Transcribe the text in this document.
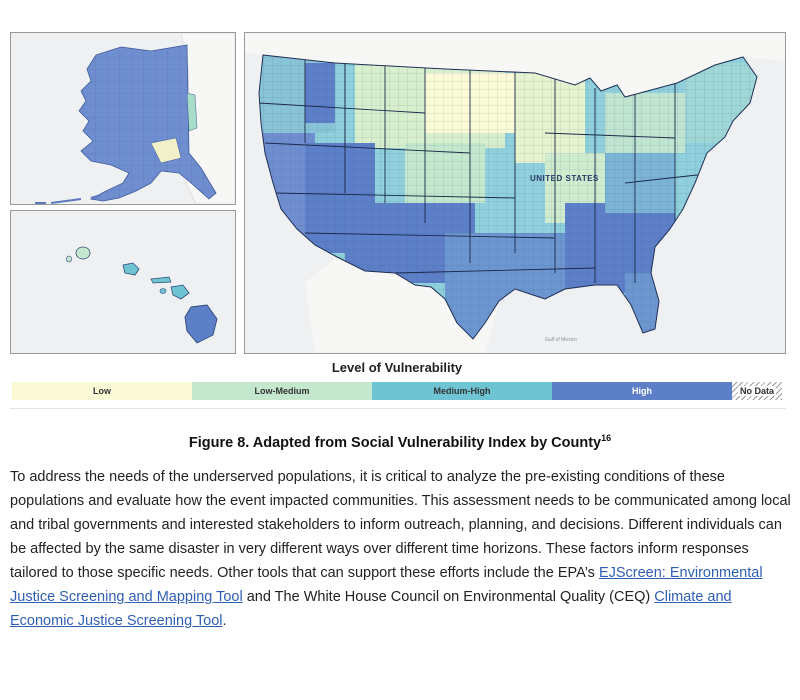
UNITED STATES
Gulf of Mexico
Level of Vulnerability
Low	Low-Medium	Medium-High	High	No Data
Figure 8. Adapted from Social Vulnerability Index by County$^{16}$
To address the needs of the underserved populations, it is critical to analyze the pre-existing conditions of these populations and evaluate how the event impacted communities. This assessment needs to be communicated among local and tribal governments and interested stakeholders to inform outreach, planning, and decisions. Different individuals can be affected by the same disaster in very different ways over different time horizons. These factors inform responses tailored to those specific needs. Other tools that can support these efforts include the EPA’s EJScreen: Environmental Justice Screening and Mapping Tool and The White House Council on Environmental Quality (CEQ) Climate and Economic Justice Screening Tool.
